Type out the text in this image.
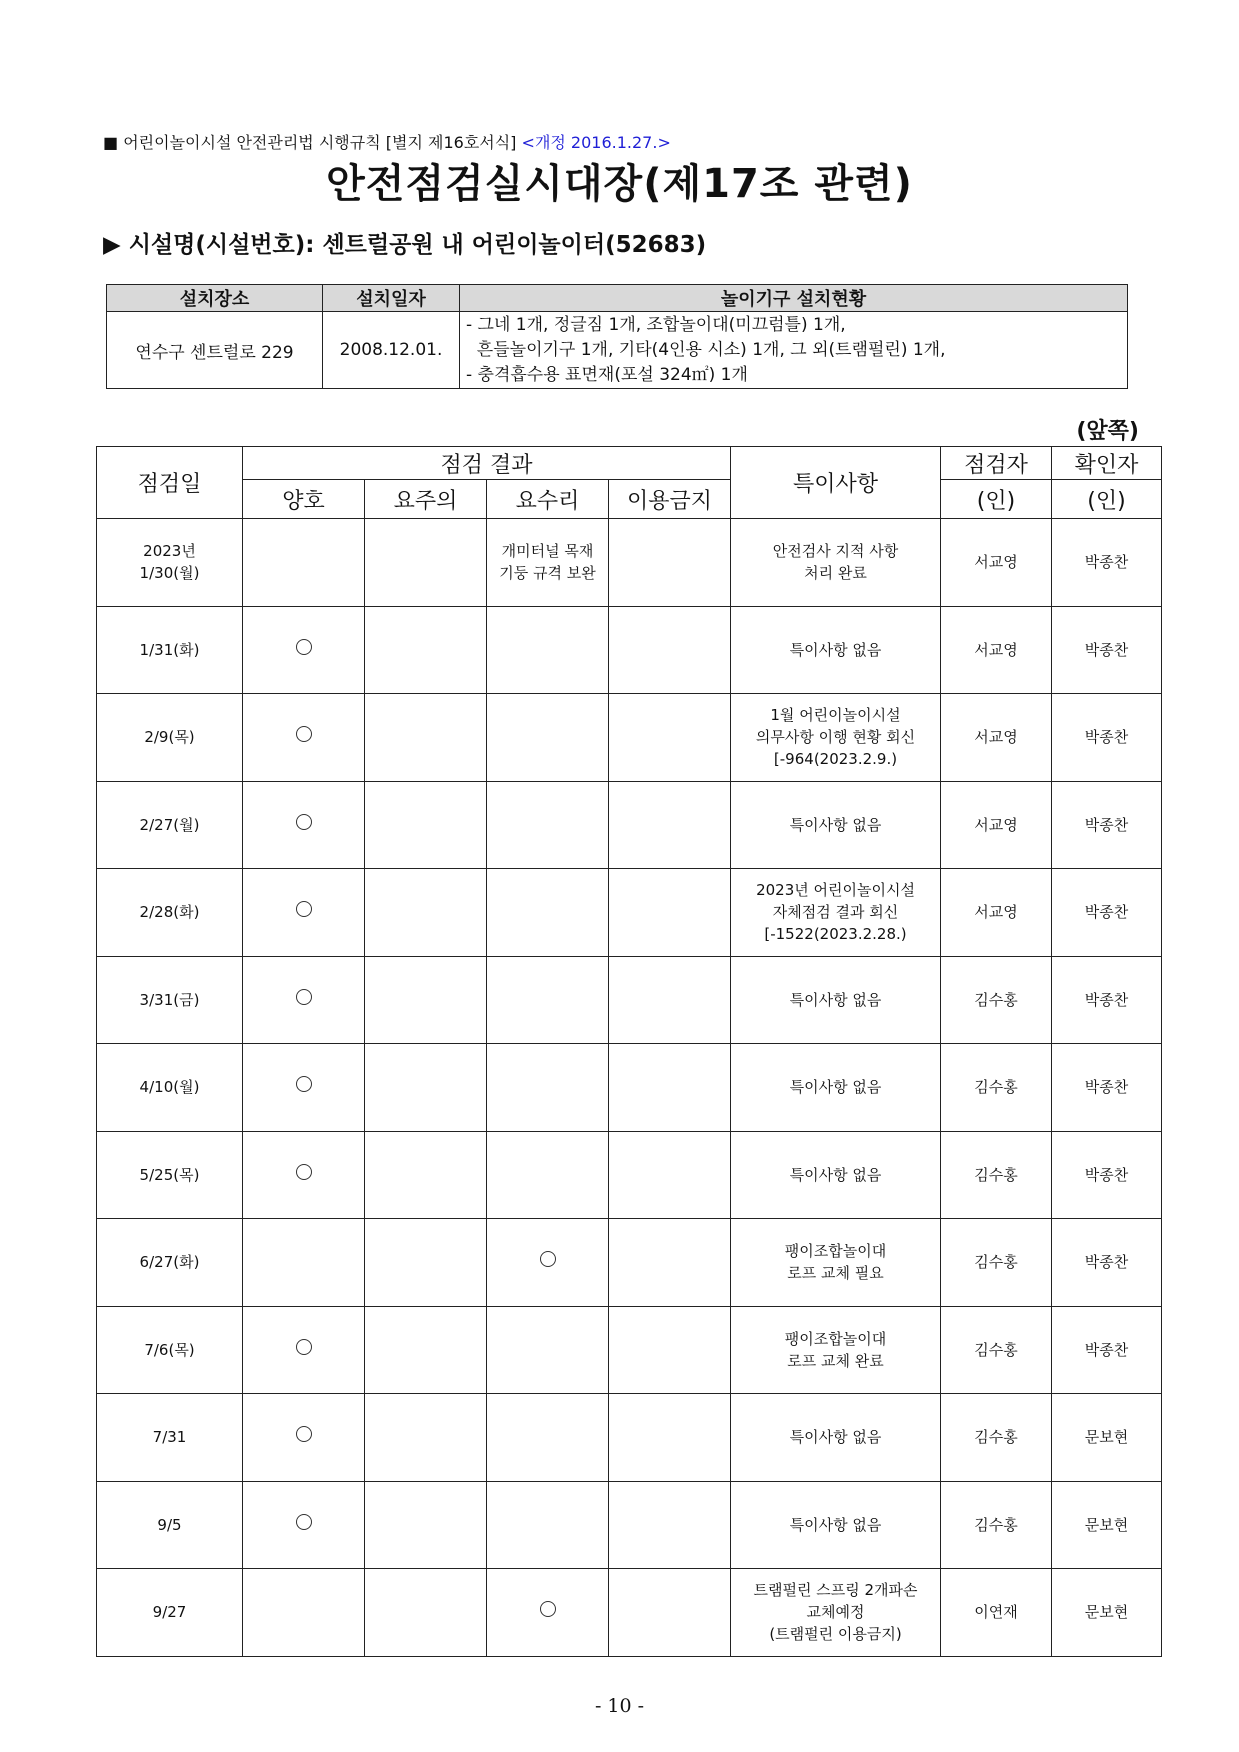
■ 어린이놀이시설 안전관리법 시행규칙 [별지 제16호서식] <개정 2016.1.27.>
안전점검실시대장(제17조 관련)
▶ 시설명(시설번호): 센트럴공원 내 어린이놀이터(52683)
설치장소	설치일자	놀이기구 설치현황
연수구 센트럴로 229	2008.12.01.	- 그네 1개, 정글짐 1개, 조합놀이대(미끄럼틀) 1개,
흔들놀이기구 1개, 기타(4인용 시소) 1개, 그 외(트램펄린) 1개,
- 충격흡수용 표면재(포설 324㎡) 1개
(앞쪽)
점검일	점검 결과				특이사항	점검자	확인자
	양호	요주의	요수리	이용금지		(인)	(인)
2023년
1/30(월)			개미터널 목재
기둥 규격 보완		안전검사 지적 사항
처리 완료	서교영	박종찬
1/31(화)					특이사항 없음	서교영	박종찬
2/9(목)					1월 어린이놀이시설
의무사항 이행 현황 회신
[-964(2023.2.9.)	서교영	박종찬
2/27(월)					특이사항 없음	서교영	박종찬
2/28(화)					2023년 어린이놀이시설
자체점검 결과 회신
[-1522(2023.2.28.)	서교영	박종찬
3/31(금)					특이사항 없음	김수홍	박종찬
4/10(월)					특이사항 없음	김수홍	박종찬
5/25(목)					특이사항 없음	김수홍	박종찬
6/27(화)					팽이조합놀이대
로프 교체 필요	김수홍	박종찬
7/6(목)					팽이조합놀이대
로프 교체 완료	김수홍	박종찬
7/31					특이사항 없음	김수홍	문보현
9/5					특이사항 없음	김수홍	문보현
9/27					트램펄린 스프링 2개파손
교체예정
(트램펄린 이용금지)	이연재	문보현
- 10 -
